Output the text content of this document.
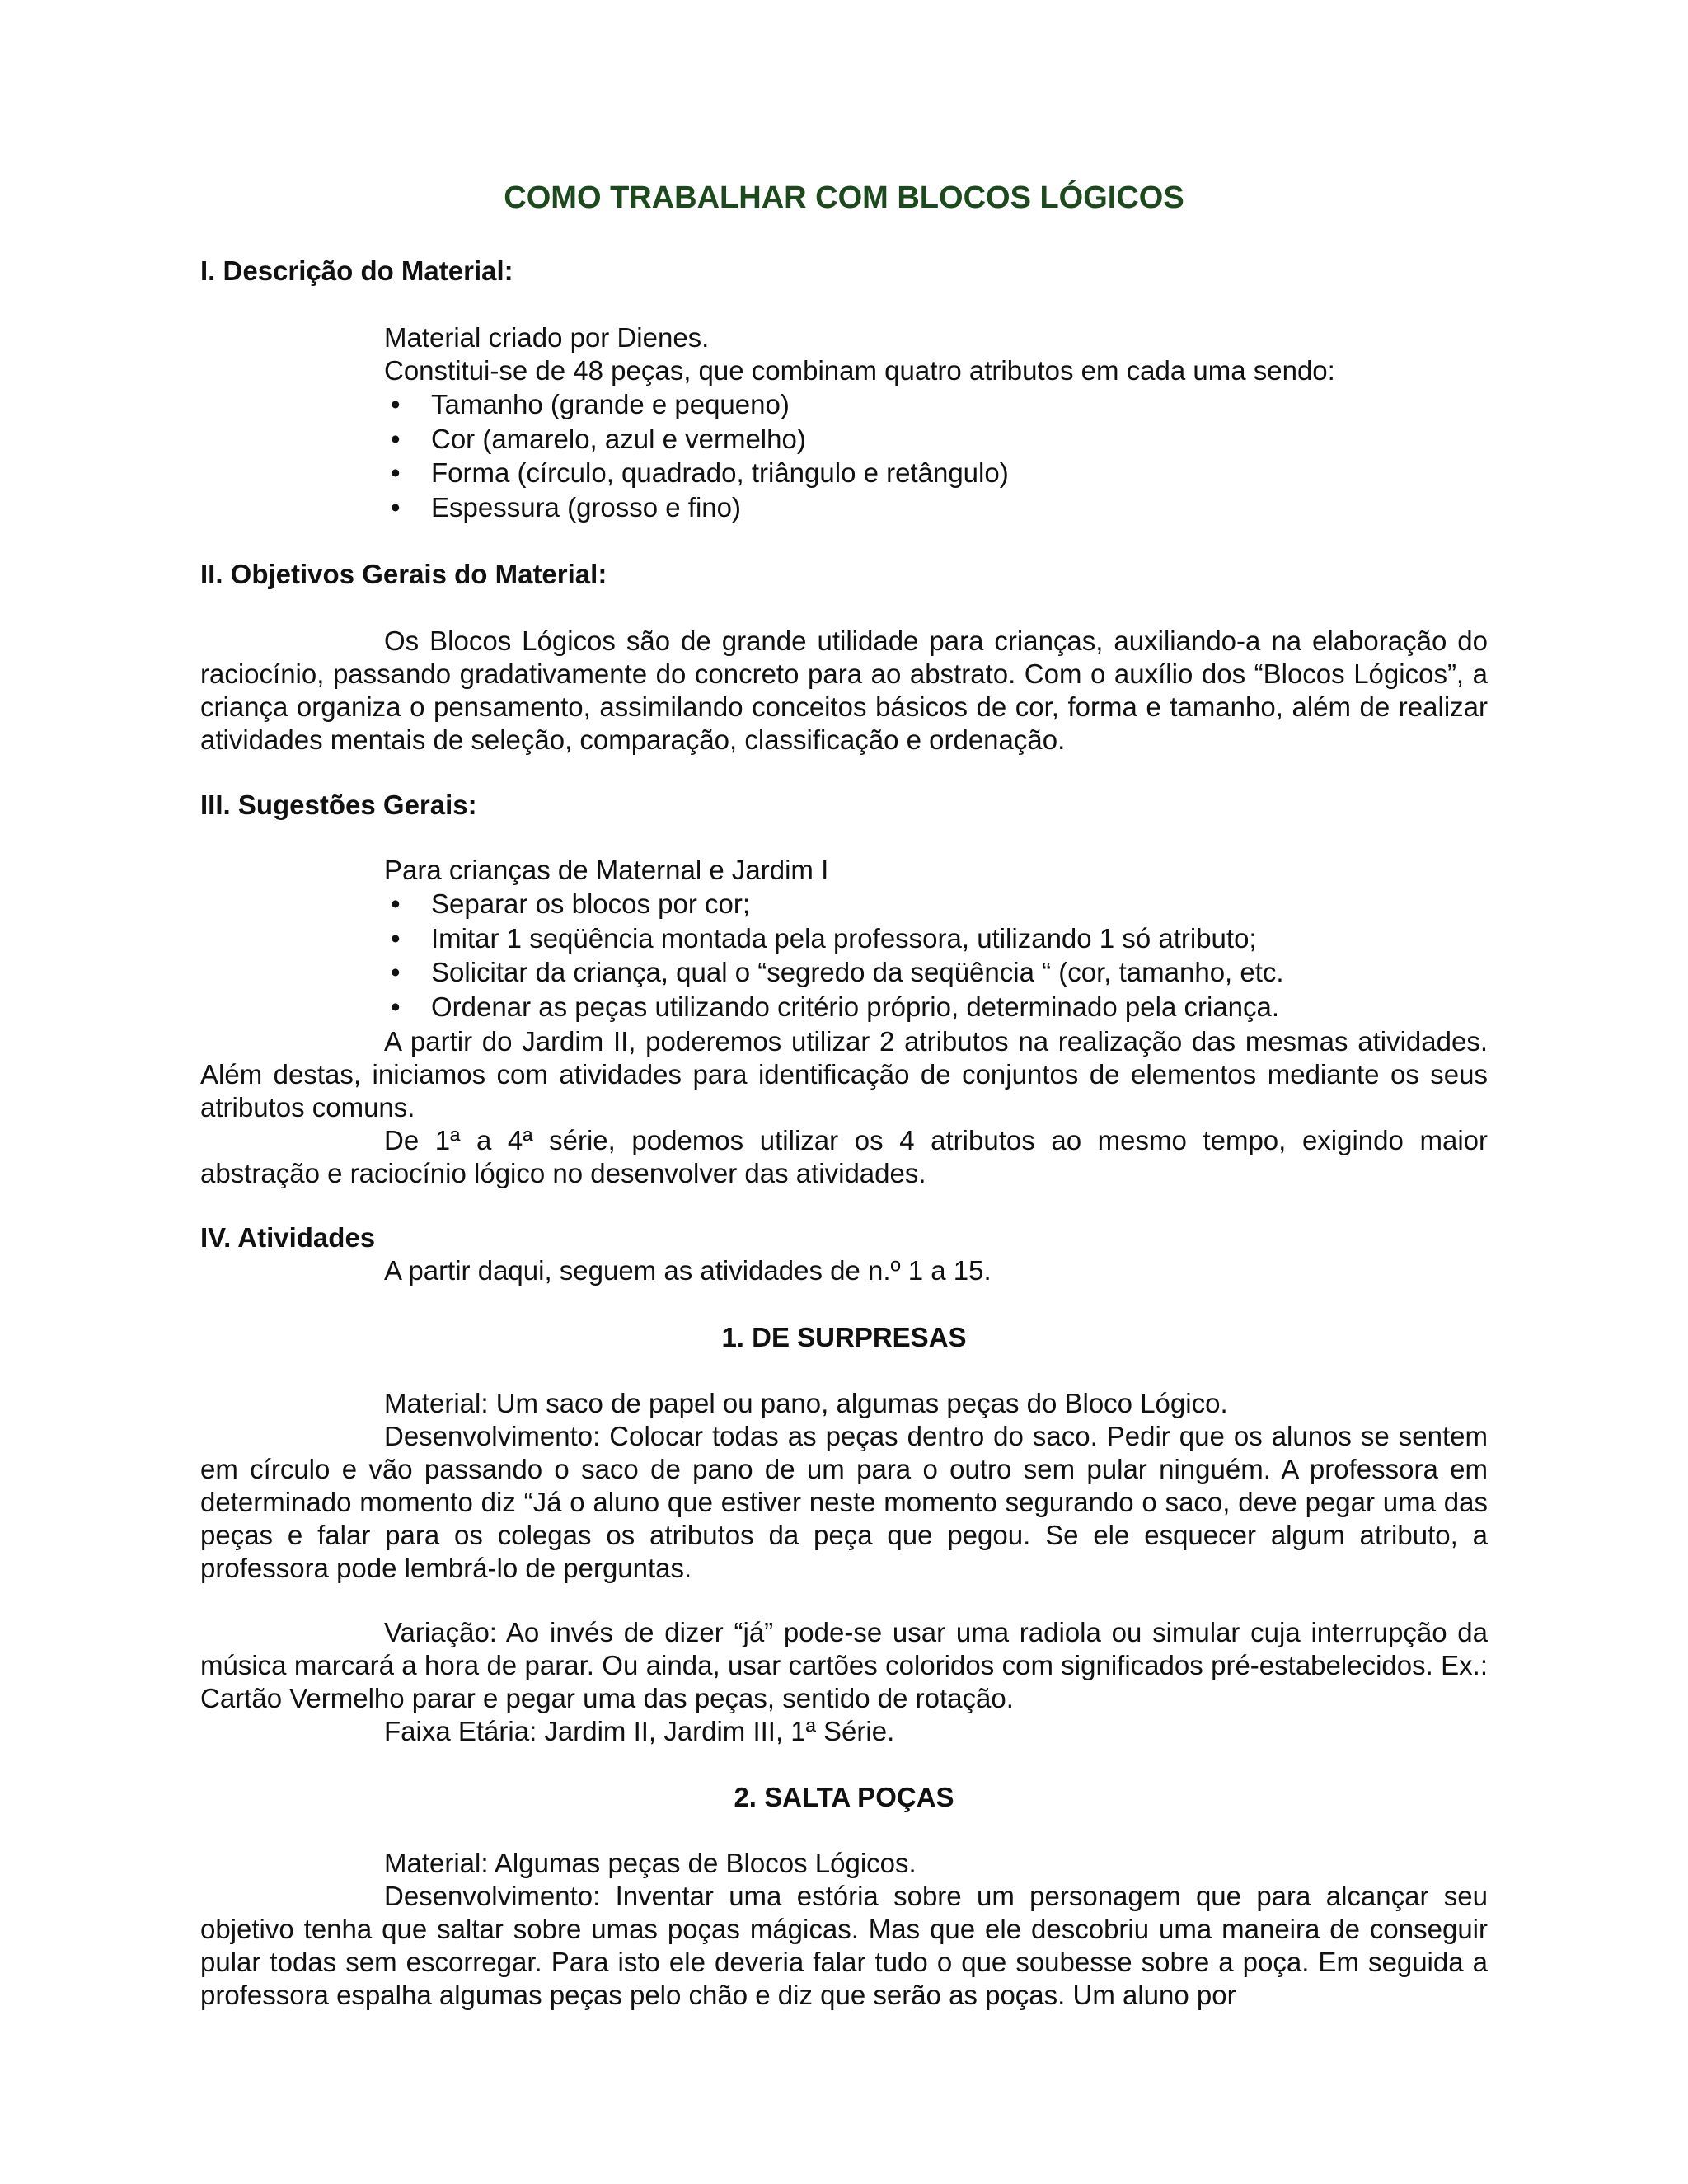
COMO TRABALHAR COM BLOCOS LÓGICOS
I. Descrição do Material:
Material criado por Dienes.
Constitui-se de 48 peças, que combinam quatro atributos em cada uma sendo:
• Tamanho (grande e pequeno)
• Cor (amarelo, azul e vermelho)
• Forma (círculo, quadrado, triângulo e retângulo)
• Espessura (grosso e fino)
II. Objetivos Gerais do Material:

Os Blocos Lógicos são de grande utilidade para crianças, auxiliando-a na elaboração do raciocínio, passando gradativamente do concreto para ao abstrato. Com o auxílio dos “Blocos Lógicos”, a criança organiza o pensamento, assimilando conceitos básicos de cor, forma e tamanho, além de realizar atividades mentais de seleção, comparação, classificação e ordenação.

III. Sugestões Gerais:
Para crianças de Maternal e Jardim I
• Separar os blocos por cor;
• Imitar 1 seqüência montada pela professora, utilizando 1 só atributo;
• Solicitar da criança, qual o “segredo da seqüência “ (cor, tamanho, etc.
• Ordenar as peças utilizando critério próprio, determinado pela criança.

A partir do Jardim II, poderemos utilizar 2 atributos na realização das mesmas atividades. Além destas, iniciamos com atividades para identificação de conjuntos de elementos mediante os seus atributos comuns.

De 1ª a 4ª série, podemos utilizar os 4 atributos ao mesmo tempo, exigindo maior abstração e raciocínio lógico no desenvolver das atividades.

IV. Atividades
A partir daqui, seguem as atividades de n.º 1 a 15.
1. DE SURPRESAS
Material: Um saco de papel ou pano, algumas peças do Bloco Lógico.

Desenvolvimento: Colocar todas as peças dentro do saco. Pedir que os alunos se sentem em círculo e vão passando o saco de pano de um para o outro sem pular ninguém. A professora em determinado momento diz “Já o aluno que estiver neste momento segurando o saco, deve pegar uma das peças e falar para os colegas os atributos da peça que pegou. Se ele esquecer algum atributo, a professora pode lembrá-lo de perguntas.

Variação: Ao invés de dizer “já” pode-se usar uma radiola ou simular cuja interrupção da música marcará a hora de parar. Ou ainda, usar cartões coloridos com significados pré-estabelecidos. Ex.: Cartão Vermelho parar e pegar uma das peças, sentido de rotação.

Faixa Etária: Jardim II, Jardim III, 1ª Série.
2. SALTA POÇAS
Material: Algumas peças de Blocos Lógicos.

Desenvolvimento: Inventar uma estória sobre um personagem que para alcançar seu objetivo tenha que saltar sobre umas poças mágicas. Mas que ele descobriu uma maneira de conseguir pular todas sem escorregar. Para isto ele deveria falar tudo o que soubesse sobre a poça. Em seguida a professora espalha algumas peças pelo chão e diz que serão as poças. Um aluno por
